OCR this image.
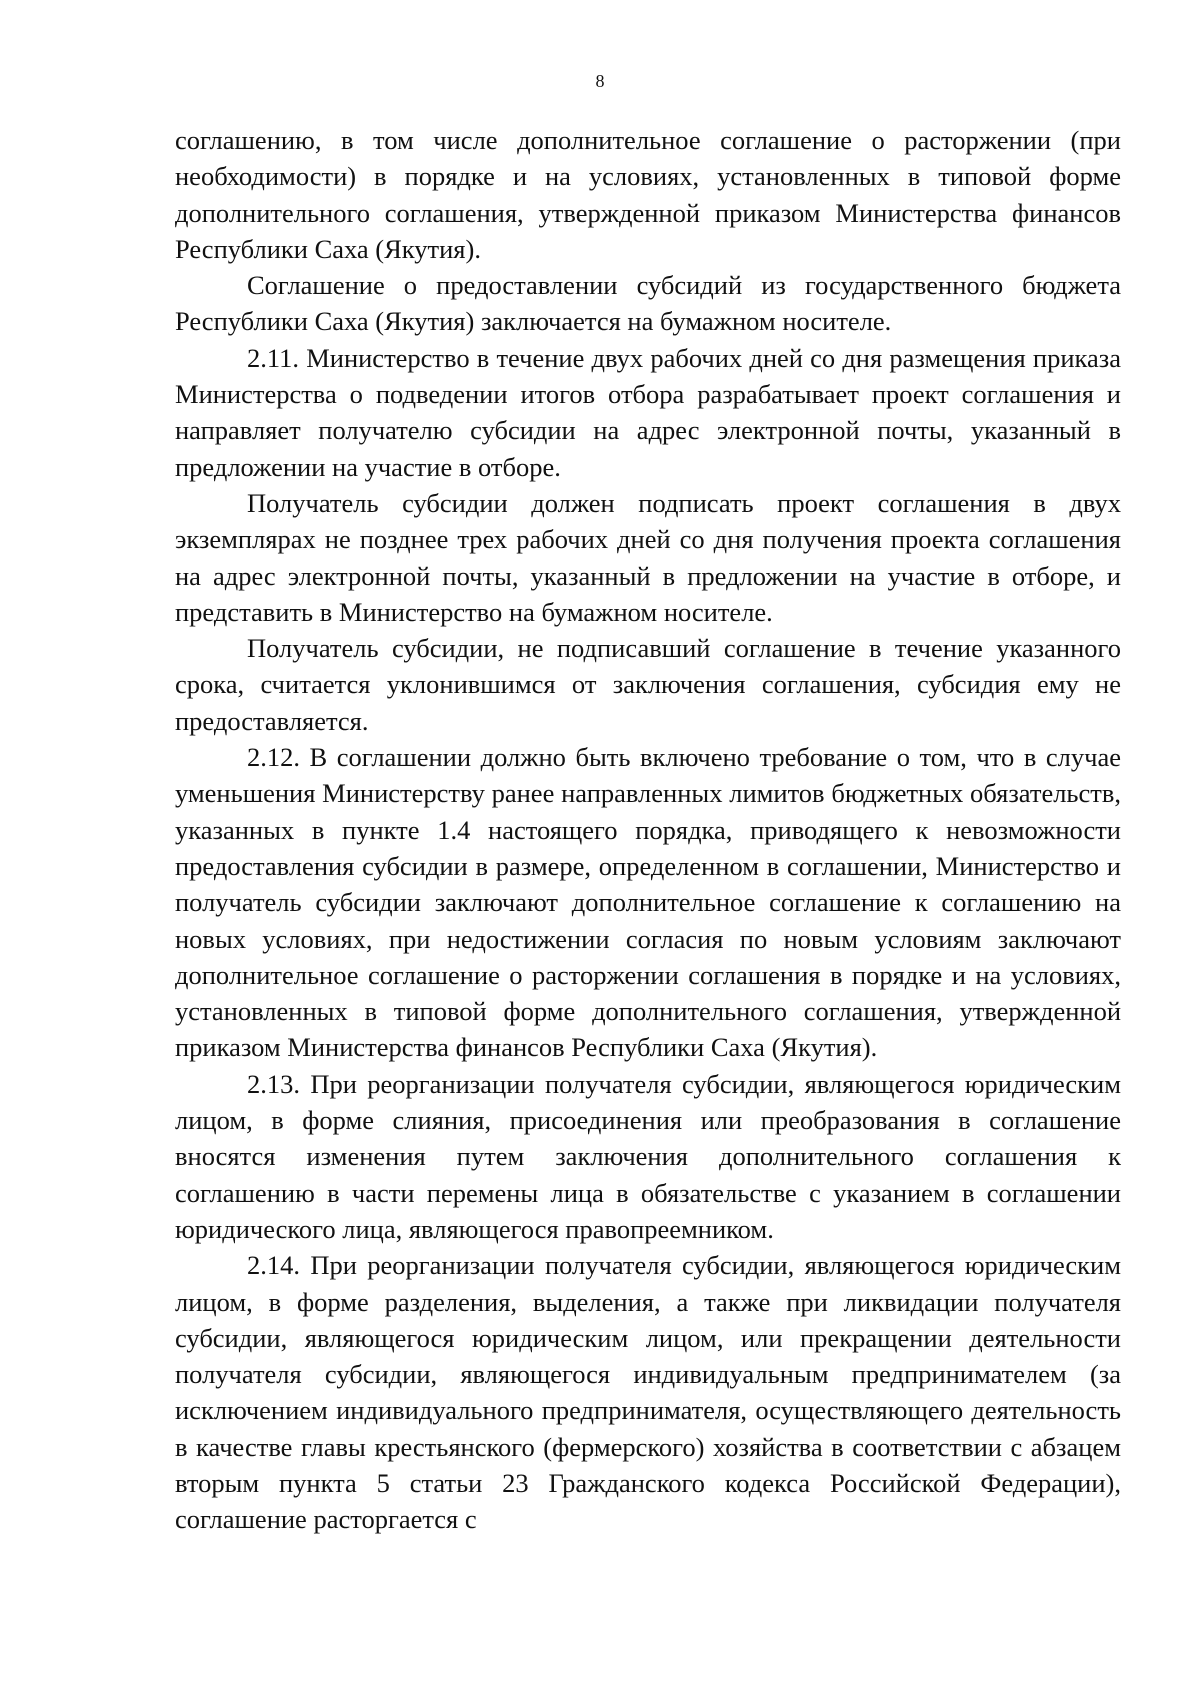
8

соглашению, в том числе дополнительное соглашение о расторжении (при необходимости) в порядке и на условиях, установленных в типовой форме дополнительного соглашения, утвержденной приказом Министерства финансов Республики Саха (Якутия).

Соглашение о предоставлении субсидий из государственного бюджета Республики Саха (Якутия) заключается на бумажном носителе.

2.11. Министерство в течение двух рабочих дней со дня размещения приказа Министерства о подведении итогов отбора разрабатывает проект соглашения и направляет получателю субсидии на адрес электронной почты, указанный в предложении на участие в отборе.

Получатель субсидии должен подписать проект соглашения в двух экземплярах не позднее трех рабочих дней со дня получения проекта соглашения на адрес электронной почты, указанный в предложении на участие в отборе, и представить в Министерство на бумажном носителе.

Получатель субсидии, не подписавший соглашение в течение указанного срока, считается уклонившимся от заключения соглашения, субсидия ему не предоставляется.

2.12. В соглашении должно быть включено требование о том, что в случае уменьшения Министерству ранее направленных лимитов бюджетных обязательств, указанных в пункте 1.4 настоящего порядка, приводящего к невозможности предоставления субсидии в размере, определенном в соглашении, Министерство и получатель субсидии заключают дополнительное соглашение к соглашению на новых условиях, при недостижении согласия по новым условиям заключают дополнительное соглашение о расторжении соглашения в порядке и на условиях, установленных в типовой форме дополнительного соглашения, утвержденной приказом Министерства финансов Республики Саха (Якутия).

2.13. При реорганизации получателя субсидии, являющегося юридическим лицом, в форме слияния, присоединения или преобразования в соглашение вносятся изменения путем заключения дополнительного соглашения к соглашению в части перемены лица в обязательстве с указанием в соглашении юридического лица, являющегося правопреемником.

2.14. При реорганизации получателя субсидии, являющегося юридическим лицом, в форме разделения, выделения, а также при ликвидации получателя субсидии, являющегося юридическим лицом, или прекращении деятельности получателя субсидии, являющегося индивидуальным предпринимателем (за исключением индивидуального предпринимателя, осуществляющего деятельность в качестве главы крестьянского (фермерского) хозяйства в соответствии с абзацем вторым пункта 5 статьи 23 Гражданского кодекса Российской Федерации), соглашение расторгается с
